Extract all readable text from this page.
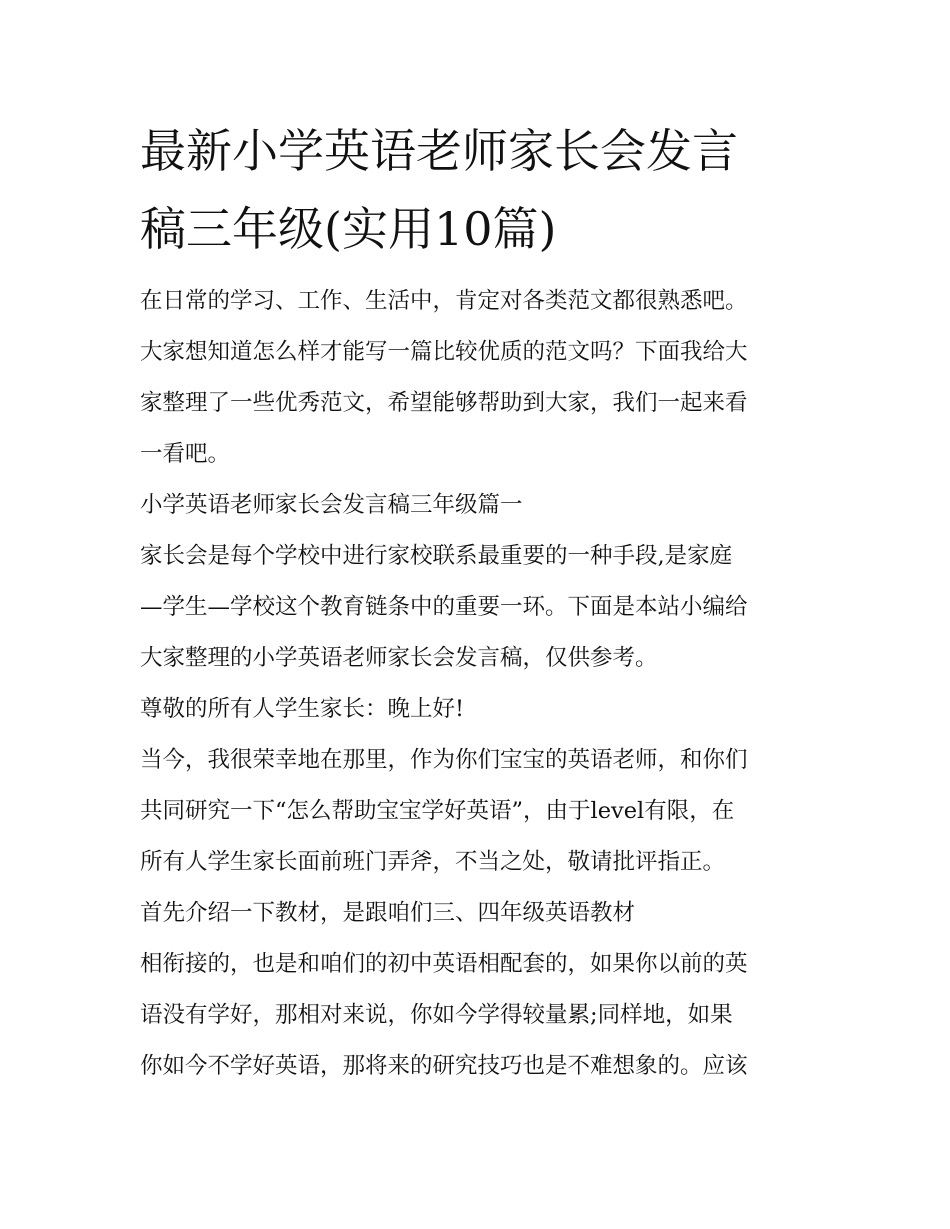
最新小学英语老师家长会发言
稿三年级(实用10篇)
在日常的学习、工作、生活中，肯定对各类范文都很熟悉吧。
大家想知道怎么样才能写一篇比较优质的范文吗？下面我给大
家整理了一些优秀范文，希望能够帮助到大家，我们一起来看
一看吧。
小学英语老师家长会发言稿三年级篇一
家长会是每个学校中进行家校联系最重要的一种手段,是家庭
—学生—学校这个教育链条中的重要一环。下面是本站小编给
大家整理的小学英语老师家长会发言稿，仅供参考。
尊敬的所有人学生家长：晚上好!
当今，我很荣幸地在那里，作为你们宝宝的英语老师，和你们
共同研究一下“怎么帮助宝宝学好英语”，由于level有限，在
所有人学生家长面前班门弄斧，不当之处，敬请批评指正。
首先介绍一下教材，是跟咱们三、四年级英语教材
相衔接的，也是和咱们的初中英语相配套的，如果你以前的英
语没有学好，那相对来说，你如今学得较量累;同样地，如果
你如今不学好英语，那将来的研究技巧也是不难想象的。应该
